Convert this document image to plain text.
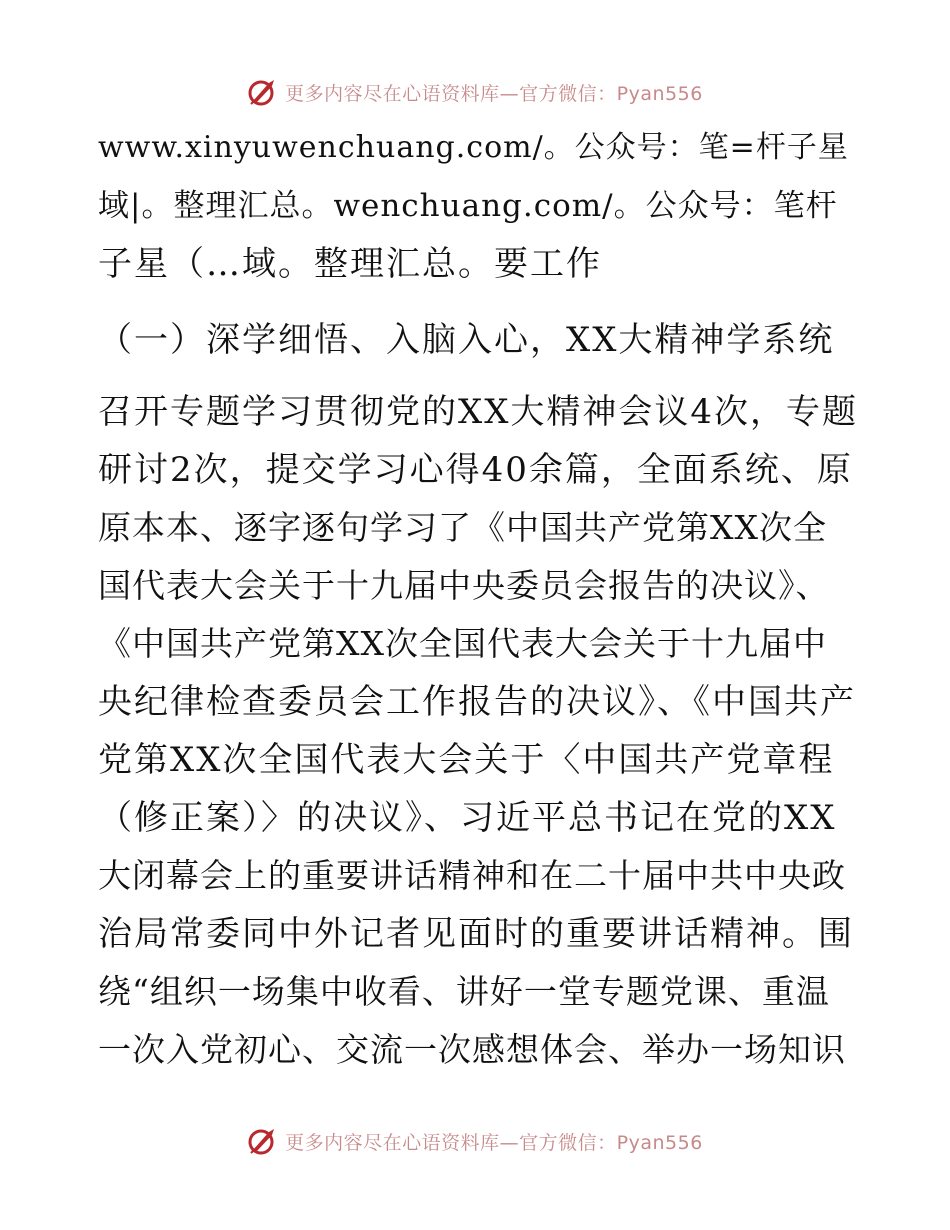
更多内容尽在心语资料库—官方微信：Pyan556
www.xinyuwenchuang.com/。公众号：笔=杆子星
域|。整理汇总。wenchuang.com/。公众号：笔杆
子星（…域。整理汇总。要工作
（一）深学细悟、入脑入心，XX大精神学系统
召开专题学习贯彻党的XX大精神会议4次，专题
研讨2次，提交学习心得40余篇，全面系统、原
原本本、逐字逐句学习了《中国共产党第XX次全
国代表大会关于十九届中央委员会报告的决议》、
《中国共产党第XX次全国代表大会关于十九届中
央纪律检查委员会工作报告的决议》、《中国共产
党第XX次全国代表大会关于〈中国共产党章程
（修正案）〉的决议》、习近平总书记在党的XX
大闭幕会上的重要讲话精神和在二十届中共中央政
治局常委同中外记者见面时的重要讲话精神。围
绕“组织一场集中收看、讲好一堂专题党课、重温
一次入党初心、交流一次感想体会、举办一场知识
更多内容尽在心语资料库—官方微信：Pyan556
